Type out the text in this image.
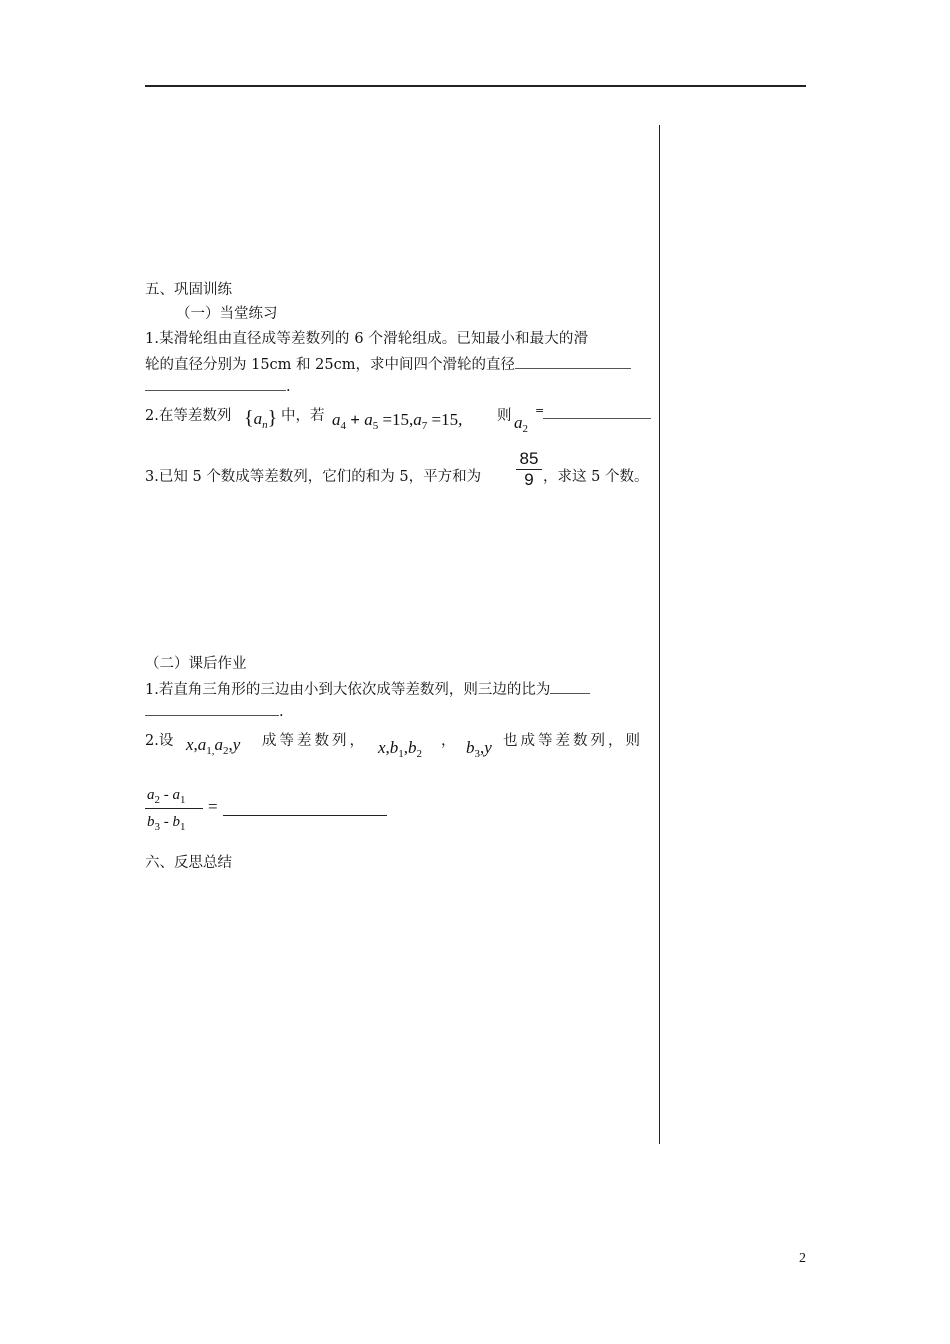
五、巩固训练
（一）当堂练习
1.某滑轮组由直径成等差数列的 6 个滑轮组成。已知最小和最大的滑
轮的直径分别为 15cm 和 25cm，求中间四个滑轮的直径
.
2.在等差数列 $\{a_n\}$ 中，若 $a_4 + a_5 =15,a_7 =15$, 则 $a_2$
=
3.已知 5 个数成等差数列，它们的和为 5，平方和为
85
9 ，求这 5 个数。
（二）课后作业
1.若直角三角形的三边由小到大依次成等差数列，则三边的比为
.
2.设 $x,a_{1,}a_2,y$ 成等差数列， $x,b_1,b_2$
， $b_3,y$ 也成等差数列，则
$a_2 - a_1$
$b_3 - b_1$
=
六、反思总结
2
